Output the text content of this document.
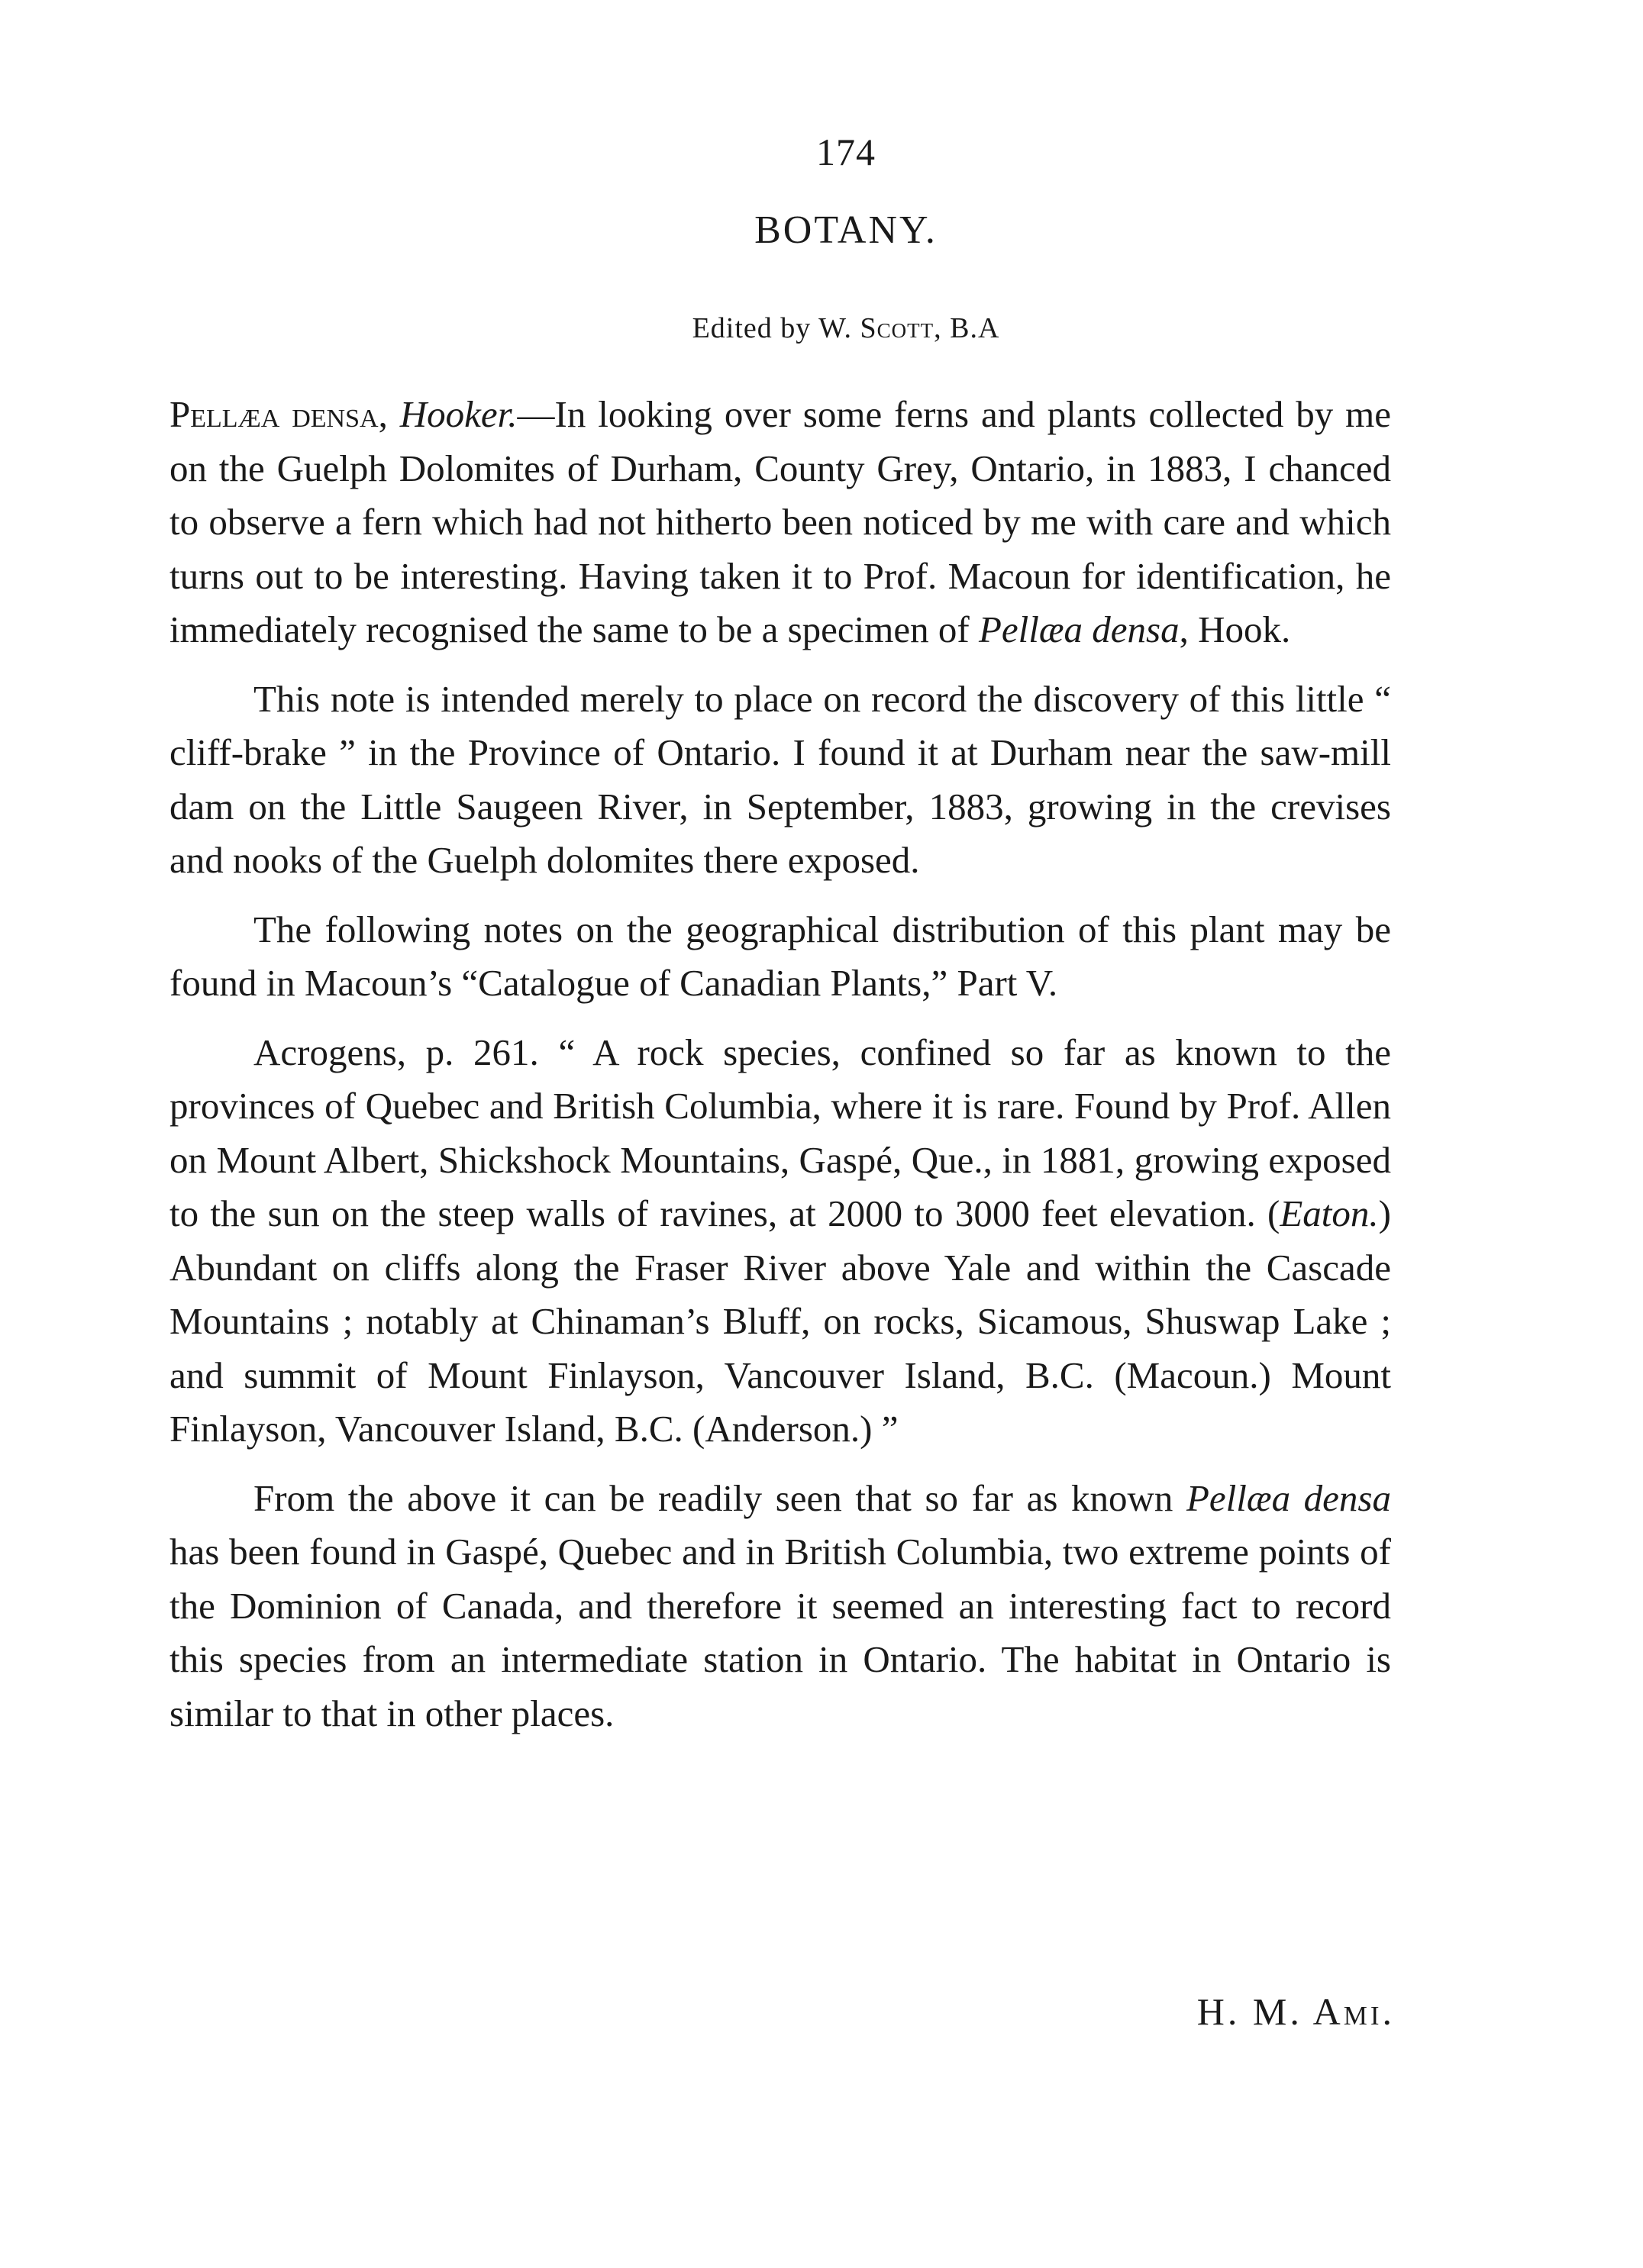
174
BOTANY.
Edited by W. Scott, B.A

Pellæa densa, Hooker.—In looking over some ferns and plants collected by me on the Guelph Dolomites of Durham, County Grey, Ontario, in 1883, I chanced to observe a fern which had not hitherto been noticed by me with care and which turns out to be interesting. Having taken it to Prof. Macoun for identification, he immediately recognised the same to be a specimen of Pellæa densa, Hook.

This note is intended merely to place on record the discovery of this little “ cliff-brake ” in the Province of Ontario. I found it at Durham near the saw-mill dam on the Little Saugeen River, in September, 1883, growing in the crevises and nooks of the Guelph dolomites there exposed.

The following notes on the geographical distribution of this plant may be found in Macoun’s “Catalogue of Canadian Plants,” Part V.

Acrogens, p. 261. “ A rock species, confined so far as known to the provinces of Quebec and British Columbia, where it is rare. Found by Prof. Allen on Mount Albert, Shickshock Mountains, Gaspé, Que., in 1881, growing exposed to the sun on the steep walls of ravines, at 2000 to 3000 feet elevation. (Eaton.) Abundant on cliffs along the Fraser River above Yale and within the Cascade Mountains ; notably at Chinaman’s Bluff, on rocks, Sicamous, Shuswap Lake ; and summit of Mount Finlayson, Vancouver Island, B.C. (Macoun.) Mount Finlayson, Vancouver Island, B.C. (Anderson.) ”

From the above it can be readily seen that so far as known Pellæa densa has been found in Gaspé, Quebec and in British Columbia, two extreme points of the Dominion of Canada, and therefore it seemed an interesting fact to record this species from an intermediate station in Ontario. The habitat in Ontario is similar to that in other places.

H. M. Ami.
